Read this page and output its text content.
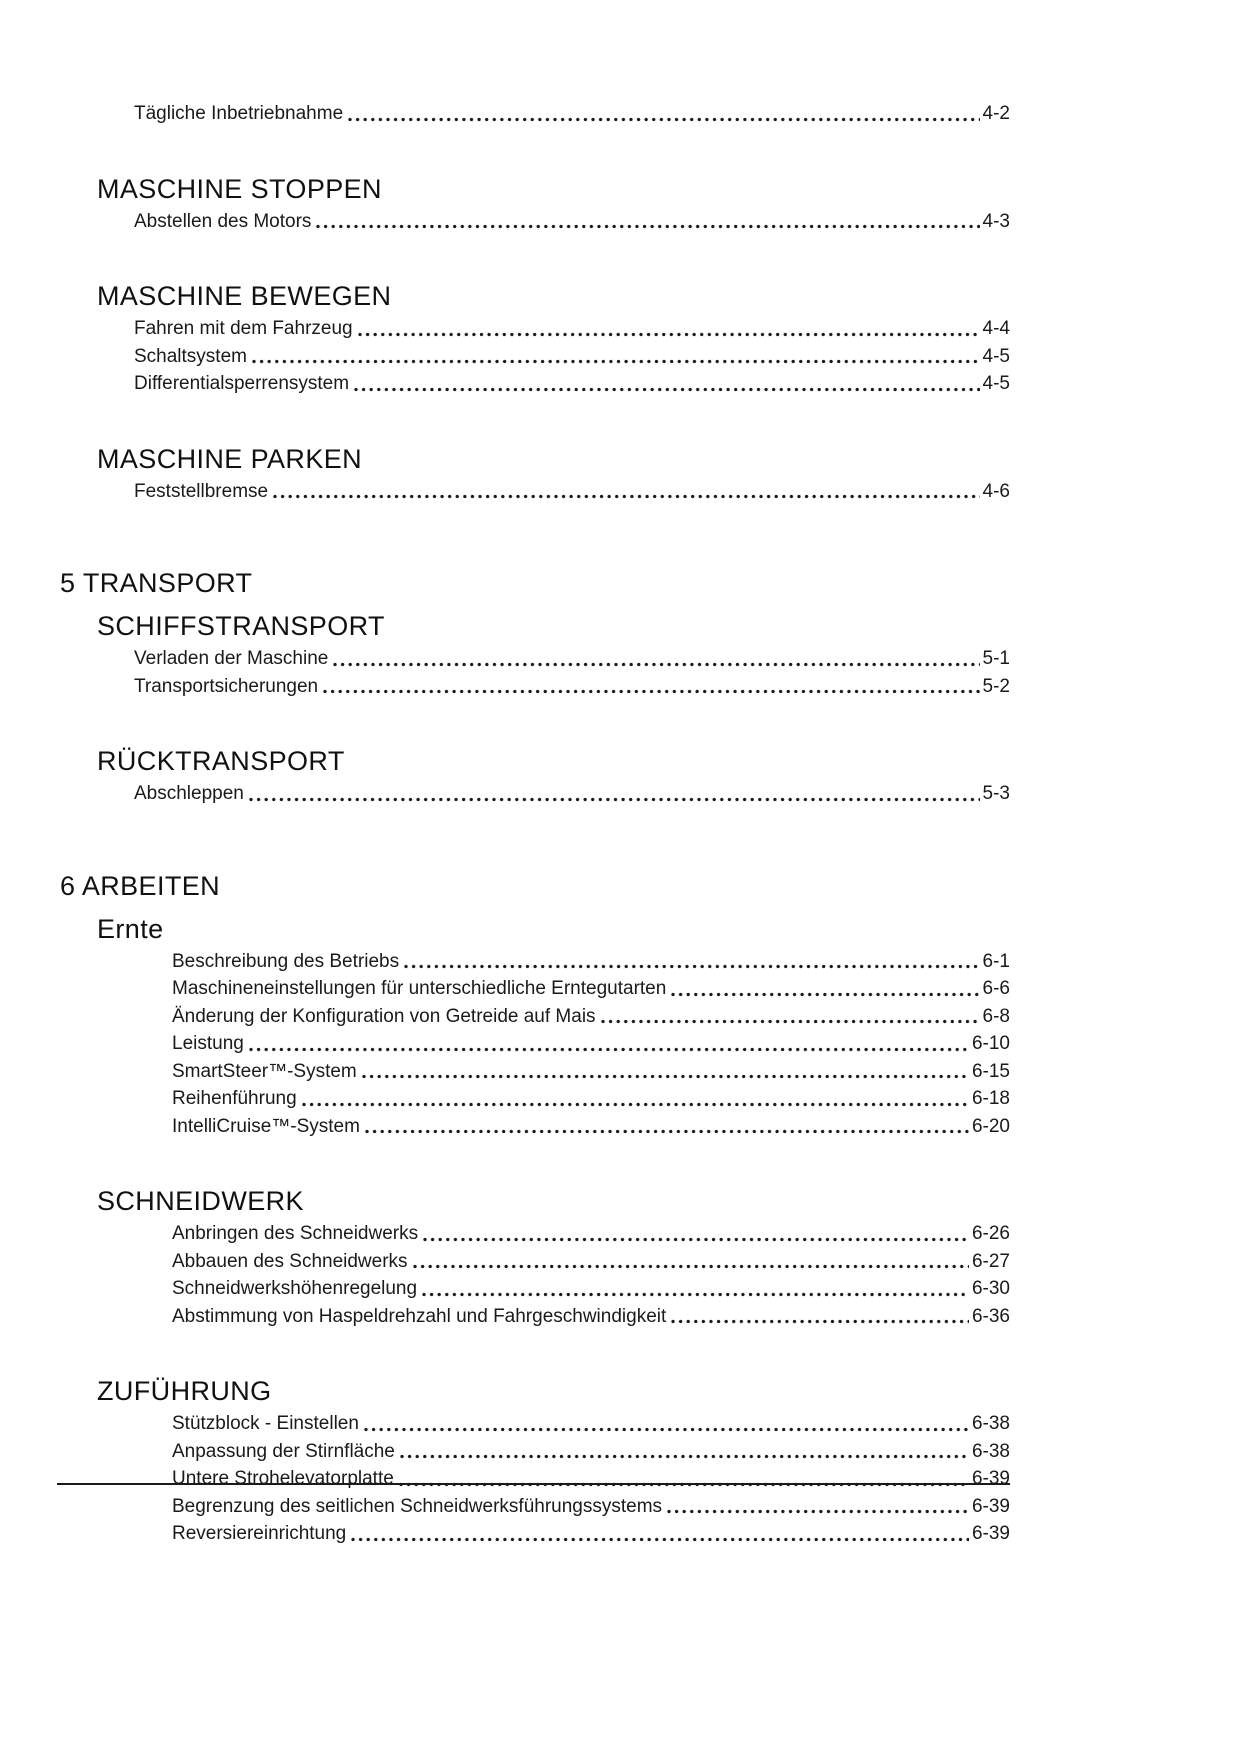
Tägliche Inbetriebnahme	4-2
MASCHINE STOPPEN
Abstellen des Motors	4-3
MASCHINE BEWEGEN
Fahren mit dem Fahrzeug	4-4
Schaltsystem	4-5
Differentialsperrensystem	4-5
MASCHINE PARKEN
Feststellbremse	4-6
5 TRANSPORT
SCHIFFSTRANSPORT
Verladen der Maschine	5-1
Transportsicherungen	5-2
RÜCKTRANSPORT
Abschleppen	5-3
6 ARBEITEN
Ernte
Beschreibung des Betriebs	6-1
Maschineneinstellungen für unterschiedliche Erntegutarten	6-6
Änderung der Konfiguration von Getreide auf Mais	6-8
Leistung	6-10
SmartSteer™-System	6-15
Reihenführung	6-18
IntelliCruise™-System	6-20
SCHNEIDWERK
Anbringen des Schneidwerks	6-26
Abbauen des Schneidwerks	6-27
Schneidwerkshöhenregelung	6-30
Abstimmung von Haspeldrehzahl und Fahrgeschwindigkeit	6-36
ZUFÜHRUNG
Stützblock - Einstellen	6-38
Anpassung der Stirnfläche	6-38
Untere Strohelevatorplatte	6-39
Begrenzung des seitlichen Schneidwerksführungssystems	6-39
Reversiereinrichtung	6-39
